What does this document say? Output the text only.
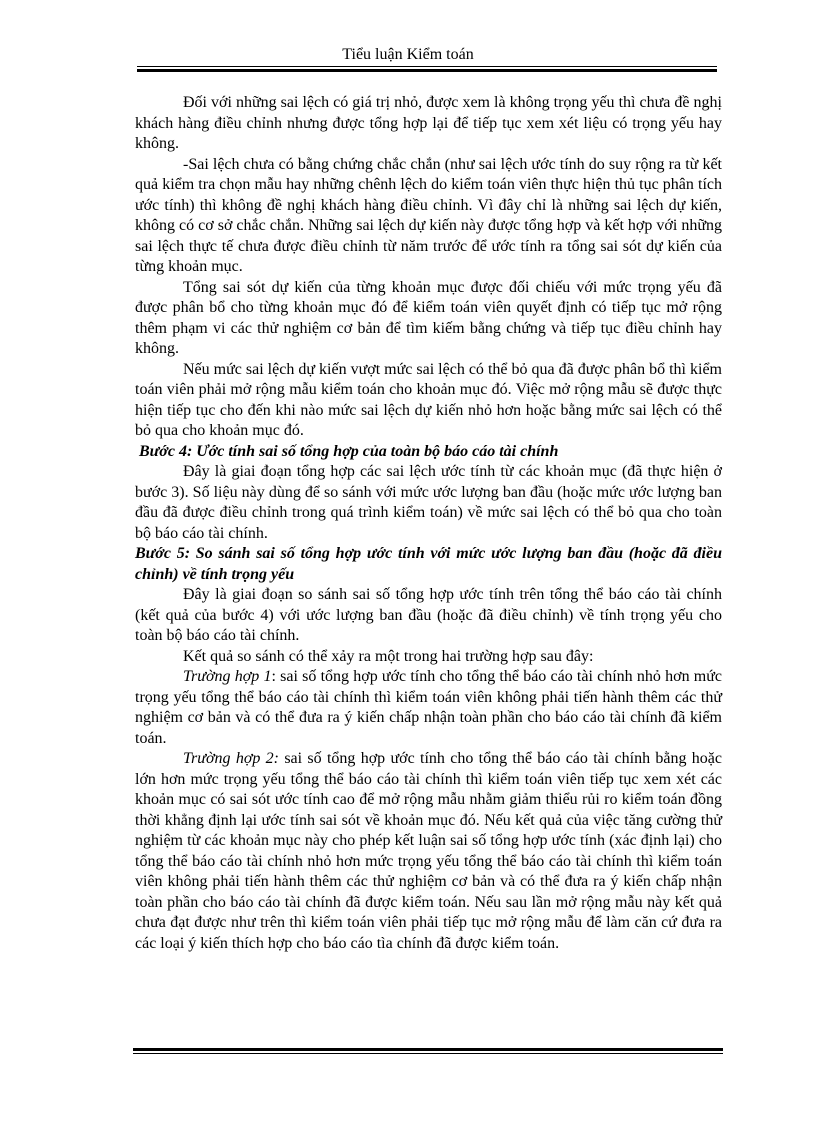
Tiểu luận Kiểm toán

Đối với những sai lệch có giá trị nhỏ, được xem là không trọng yếu thì chưa đề nghị khách hàng điều chỉnh nhưng được tổng hợp lại để tiếp tục xem xét liệu có trọng yếu hay không.

-Sai lệch chưa có bằng chứng chắc chắn (như sai lệch ước tính do suy rộng ra từ kết quả kiểm tra chọn mẫu hay những chênh lệch do kiểm toán viên thực hiện thủ tục phân tích ước tính) thì không đề nghị khách hàng điều chỉnh. Vì đây chỉ là những sai lệch dự kiến, không có cơ sở chắc chắn. Những sai lệch dự kiến này được tổng hợp và kết hợp với những sai lệch thực tế chưa được điều chỉnh từ năm trước để ước tính ra tổng sai sót dự kiến của từng khoản mục.

Tổng sai sót dự kiến của từng khoản mục được đối chiếu với mức trọng yếu đã được phân bổ cho từng khoản mục đó để kiểm toán viên quyết định có tiếp tục mở rộng thêm phạm vi các thử nghiệm cơ bản để tìm kiếm bằng chứng và tiếp tục điều chỉnh hay không.

Nếu mức sai lệch dự kiến vượt mức sai lệch có thể bỏ qua đã được phân bổ thì kiểm toán viên phải mở rộng mẫu kiểm toán cho khoản mục đó. Việc mở rộng mẫu sẽ được thực hiện tiếp tục cho đến khi nào mức sai lệch dự kiến nhỏ hơn hoặc bằng mức sai lệch có thể bỏ qua cho khoản mục đó.

Bước 4: Ước tính sai số tổng hợp của toàn bộ báo cáo tài chính

Đây là giai đoạn tổng hợp các sai lệch ước tính từ các khoản mục (đã thực hiện ở bước 3). Số liệu này dùng để so sánh với mức ước lượng ban đầu (hoặc mức ước lượng ban đầu đã được điều chỉnh trong quá trình kiểm toán) về mức sai lệch có thể bỏ qua cho toàn bộ báo cáo tài chính.

Bước 5: So sánh sai số tổng hợp ước tính với mức ước lượng ban đầu (hoặc đã điều chỉnh) về tính trọng yếu

Đây là giai đoạn so sánh sai số tổng hợp ước tính trên tổng thể báo cáo tài chính (kết quả của bước 4) với ước lượng ban đầu (hoặc đã điều chỉnh) về tính trọng yếu cho toàn bộ báo cáo tài chính.

Kết quả so sánh có thể xảy ra một trong hai trường hợp sau đây:

Trường hợp 1: sai số tổng hợp ước tính cho tổng thể báo cáo tài chính nhỏ hơn mức trọng yếu tổng thể báo cáo tài chính thì kiểm toán viên không phải tiến hành thêm các thử nghiệm cơ bản và có thể đưa ra ý kiến chấp nhận toàn phần cho báo cáo tài chính đã kiểm toán.

Trường hợp 2: sai số tổng hợp ước tính cho tổng thể báo cáo tài chính bằng hoặc lớn hơn mức trọng yếu tổng thể báo cáo tài chính thì kiểm toán viên tiếp tục xem xét các khoản mục có sai sót ước tính cao để mở rộng mẫu nhằm giảm thiểu rủi ro kiểm toán đồng thời khẳng định lại ước tính sai sót về khoản mục đó. Nếu kết quả của việc tăng cường thử nghiệm từ các khoản mục này cho phép kết luận sai số tổng hợp ước tính (xác định lại) cho tổng thể báo cáo tài chính nhỏ hơn mức trọng yếu tổng thể báo cáo tài chính thì kiểm toán viên không phải tiến hành thêm các thử nghiệm cơ bản và có thể đưa ra ý kiến chấp nhận toàn phần cho báo cáo tài chính đã được kiểm toán. Nếu sau lần mở rộng mẫu này kết quả chưa đạt được như trên thì kiểm toán viên phải tiếp tục mở rộng mẫu để làm căn cứ đưa ra các loại ý kiến thích hợp cho báo cáo tìa chính đã được kiểm toán.
